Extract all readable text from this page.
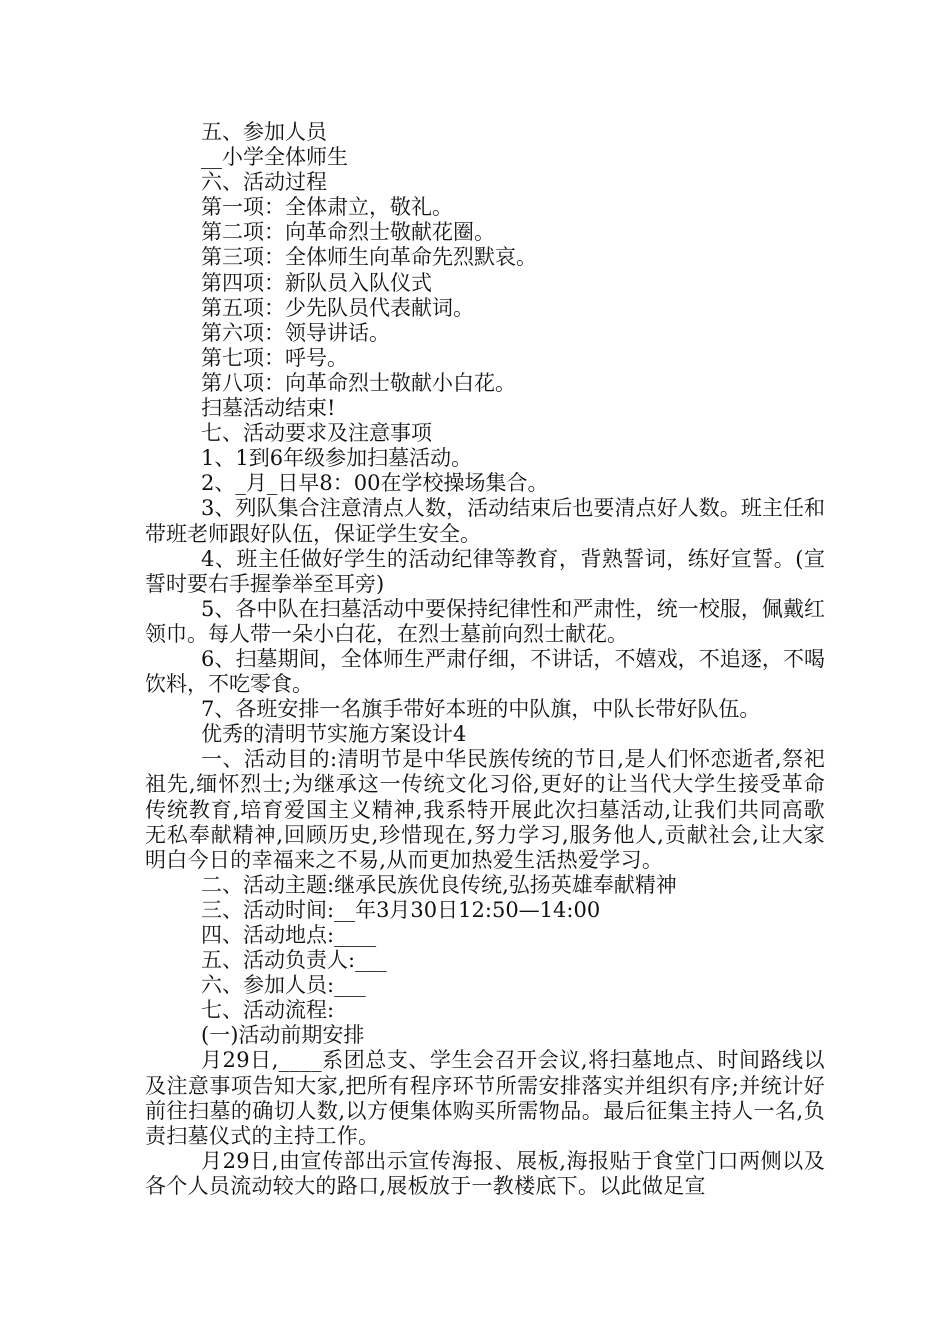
五、参加人员
__小学全体师生
六、活动过程
第一项：全体肃立，敬礼。
第二项：向革命烈士敬献花圈。
第三项：全体师生向革命先烈默哀。
第四项：新队员入队仪式
第五项：少先队员代表献词。
第六项：领导讲话。
第七项：呼号。
第八项：向革命烈士敬献小白花。
扫墓活动结束!
七、活动要求及注意事项
1、1到6年级参加扫墓活动。
2、_月_日早8：00在学校操场集合。
3、列队集合注意清点人数，活动结束后也要清点好人数。班主任和带班老师跟好队伍，保证学生安全。
4、班主任做好学生的活动纪律等教育，背熟誓词，练好宣誓。(宣誓时要右手握拳举至耳旁)
5、各中队在扫墓活动中要保持纪律性和严肃性，统一校服，佩戴红领巾。每人带一朵小白花，在烈士墓前向烈士献花。
6、扫墓期间，全体师生严肃仔细，不讲话，不嬉戏，不追逐，不喝饮料，不吃零食。
7、各班安排一名旗手带好本班的中队旗，中队长带好队伍。
优秀的清明节实施方案设计4
一、活动目的:清明节是中华民族传统的节日,是人们怀恋逝者,祭祀祖先,缅怀烈士;为继承这一传统文化习俗,更好的让当代大学生接受革命传统教育,培育爱国主义精神,我系特开展此次扫墓活动,让我们共同高歌无私奉献精神,回顾历史,珍惜现在,努力学习,服务他人,贡献社会,让大家明白今日的幸福来之不易,从而更加热爱生活热爱学习。
二、活动主题:继承民族优良传统,弘扬英雄奉献精神
三、活动时间:__年3月30日12:50—14:00
四、活动地点:____
五、活动负责人:___
六、参加人员:___
七、活动流程:
(一)活动前期安排
月29日,____系团总支、学生会召开会议,将扫墓地点、时间路线以及注意事项告知大家,把所有程序环节所需安排落实并组织有序;并统计好前往扫墓的确切人数,以方便集体购买所需物品。最后征集主持人一名,负责扫墓仪式的主持工作。
月29日,由宣传部出示宣传海报、展板,海报贴于食堂门口两侧以及各个人员流动较大的路口,展板放于一教楼底下。以此做足宣
